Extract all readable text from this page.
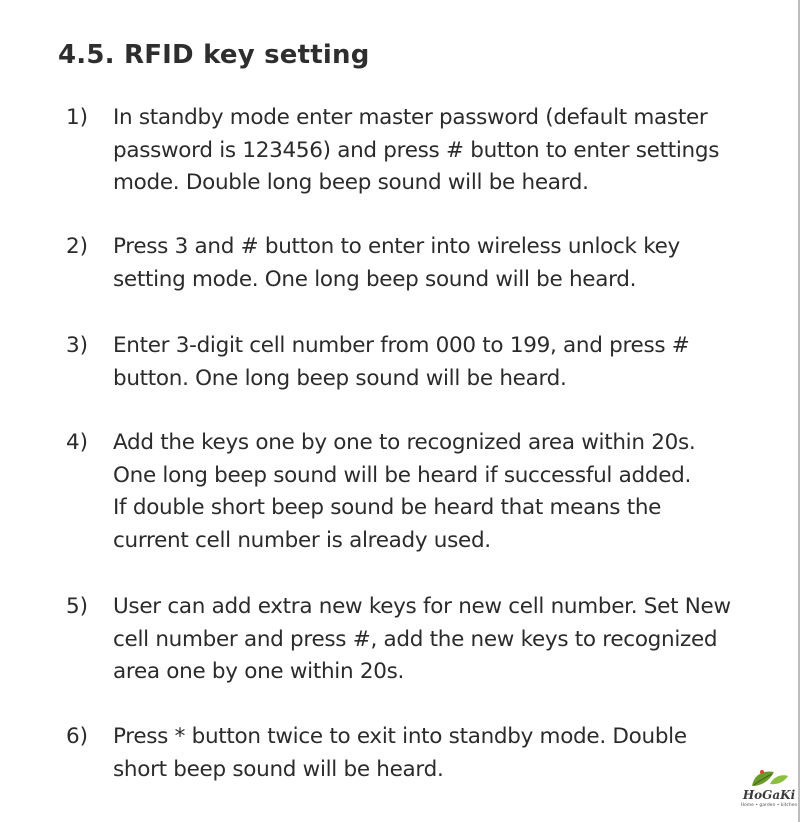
4.5. RFID key setting
1)	In standby mode enter master password (default master
password is 123456) and press # button to enter settings
mode. Double long beep sound will be heard.
2)	Press 3 and # button to enter into wireless unlock key
setting mode. One long beep sound will be heard.
3)	Enter 3-digit cell number from 000 to 199, and press #
button. One long beep sound will be heard.
4)	Add the keys one by one to recognized area within 20s.
One long beep sound will be heard if successful added.
If double short beep sound be heard that means the
current cell number is already used.
5)	User can add extra new keys for new cell number. Set New
cell number and press #, add the new keys to recognized
area one by one within 20s.
6)	Press * button twice to exit into standby mode. Double
short beep sound will be heard.
HoGaKi
Home • garden • kitchen
